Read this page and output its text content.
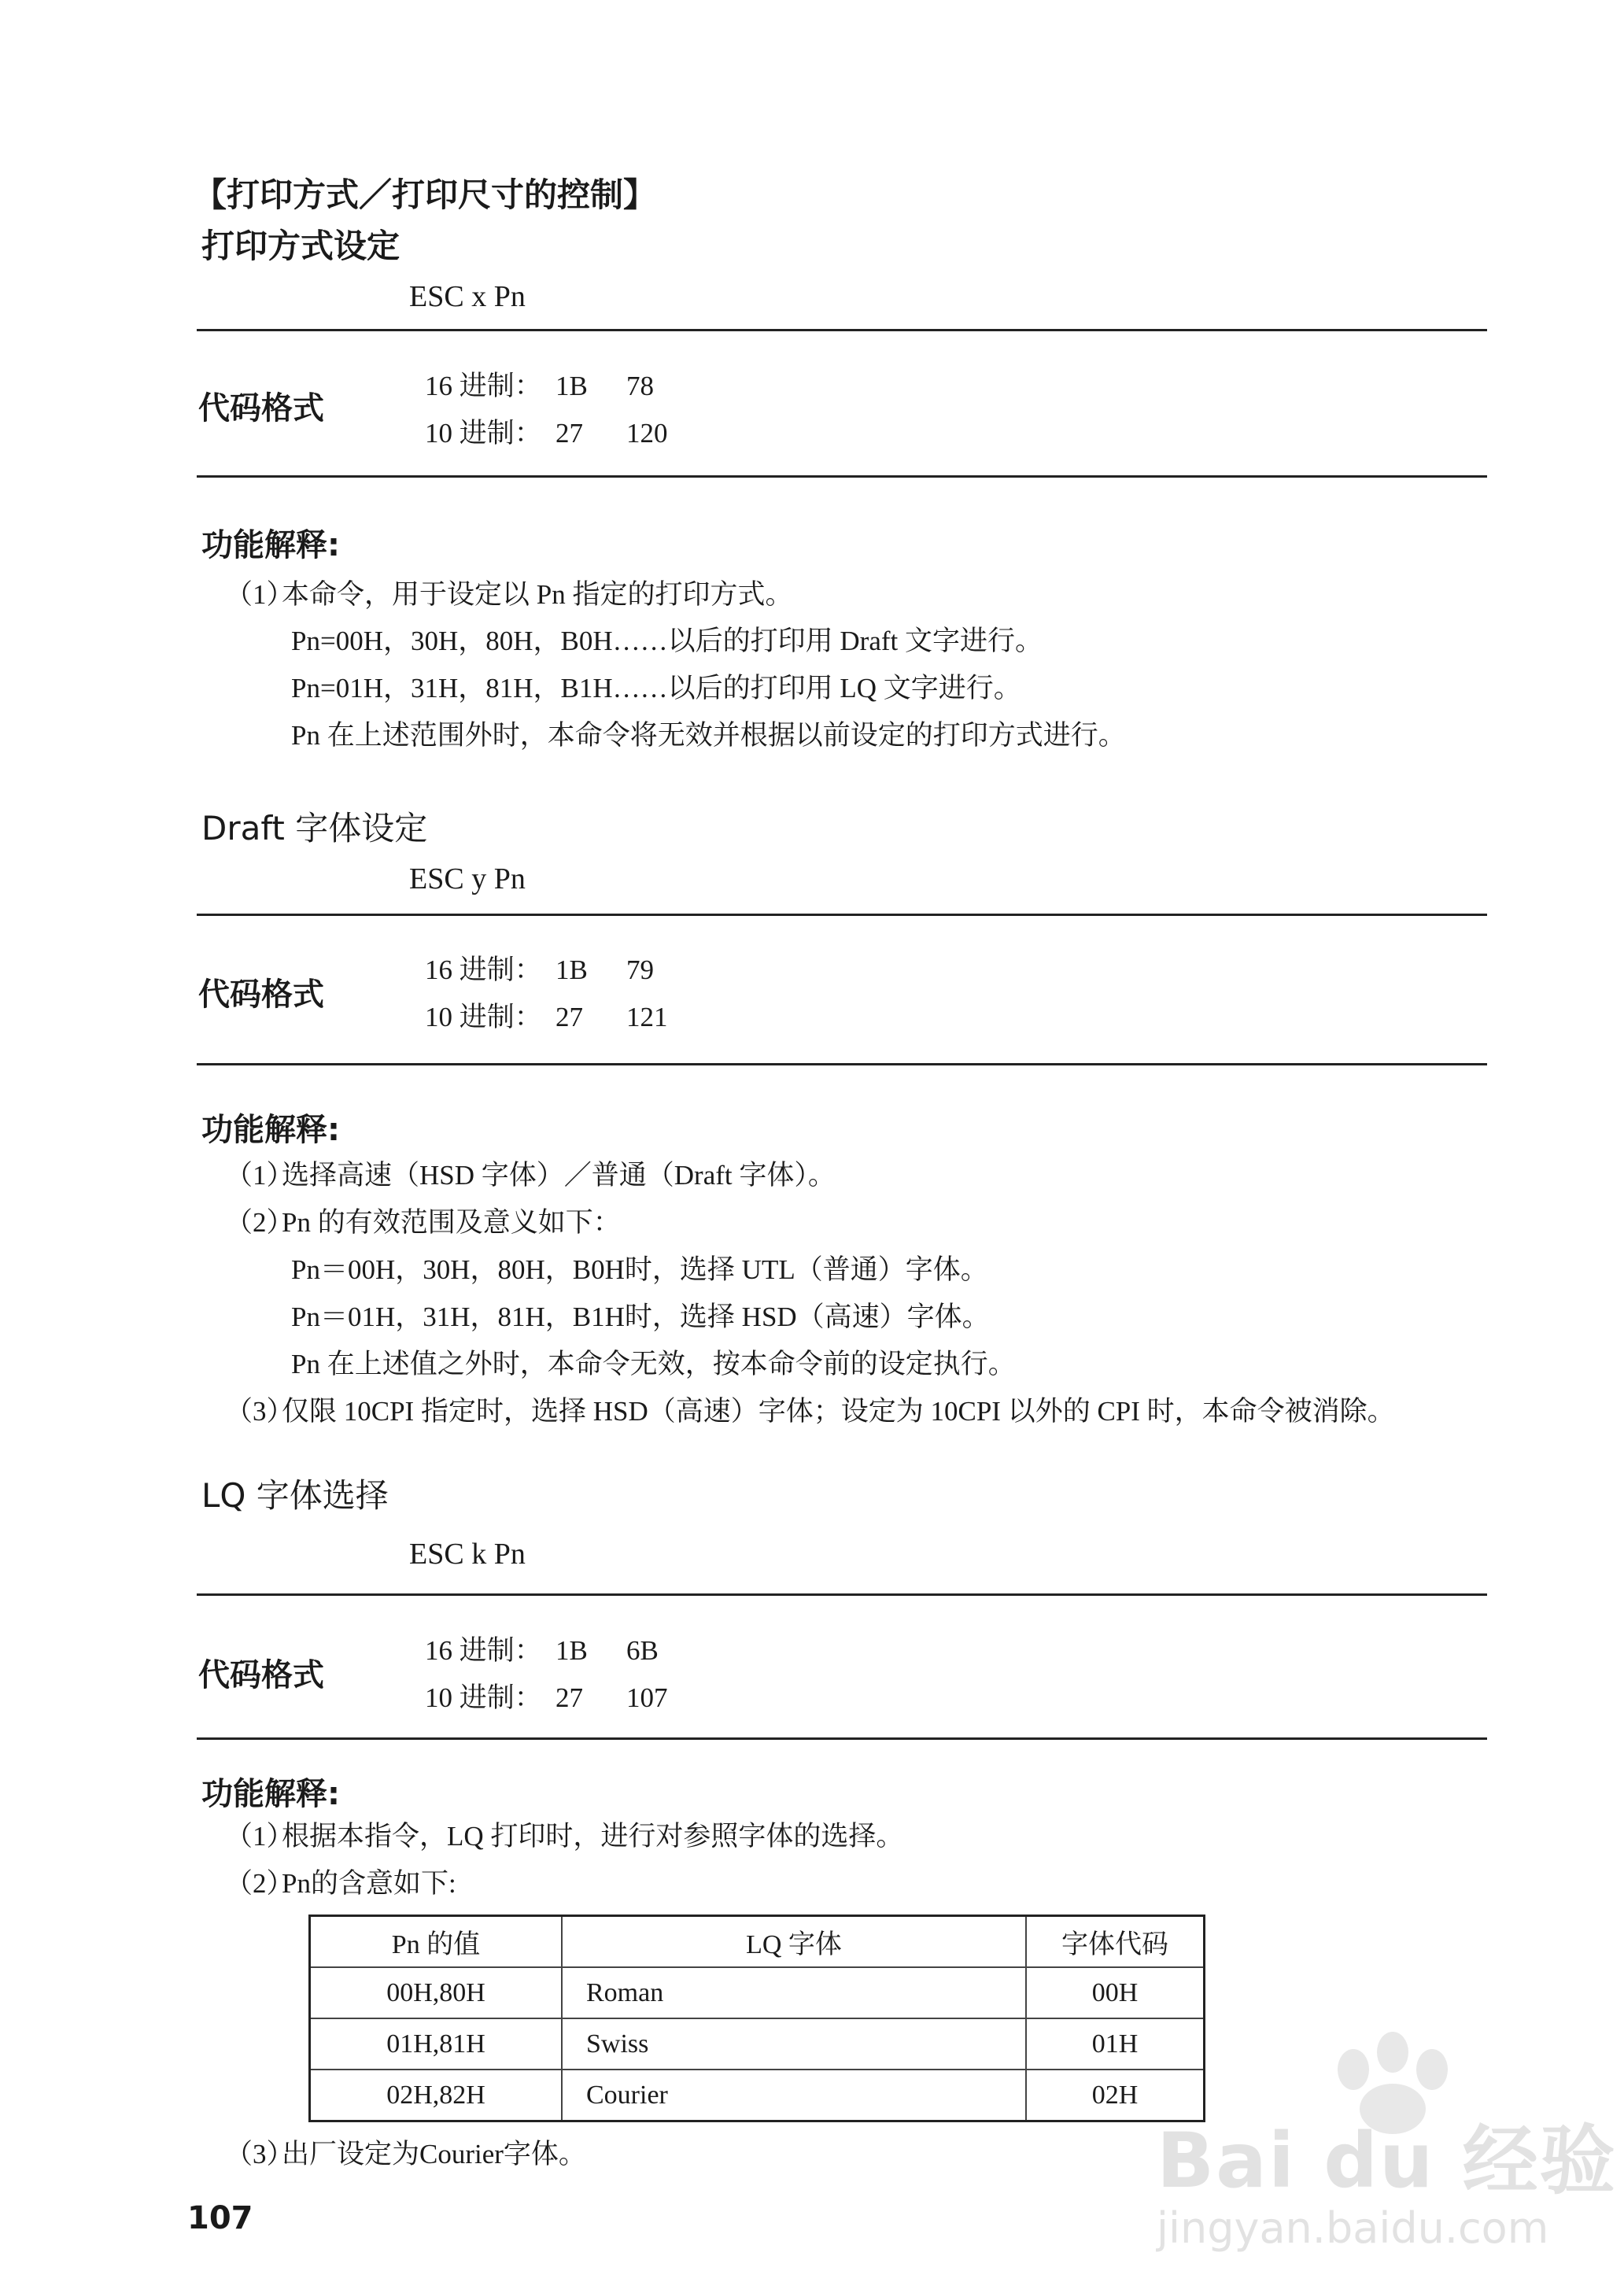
【打印方式／打印尺寸的控制】
打印方式设定
ESC x Pn
代码格式
16 进制： 1B 78
10 进制： 27 120
功能解释:
（1）本命令，用于设定以 Pn 指定的打印方式。
Pn=00H，30H，80H，B0H……以后的打印用 Draft 文字进行。
Pn=01H，31H，81H，B1H……以后的打印用 LQ 文字进行。
Pn 在上述范围外时，本命令将无效并根据以前设定的打印方式进行。
Draft 字体设定
ESC y Pn
代码格式
16 进制： 1B 79
10 进制： 27 121
功能解释:
（1）选择高速（HSD 字体）／普通（Draft 字体）。
（2）Pn 的有效范围及意义如下：
Pn＝00H，30H，80H，B0H时，选择 UTL（普通）字体。
Pn＝01H，31H，81H，B1H时，选择 HSD（高速）字体。
Pn 在上述值之外时，本命令无效，按本命令前的设定执行。
（3）仅限 10CPI 指定时，选择 HSD（高速）字体；设定为 10CPI 以外的 CPI 时，本命令被消除。
LQ 字体选择
ESC k Pn
代码格式
16 进制： 1B 6B
10 进制： 27 107
功能解释:
（1）根据本指令，LQ 打印时，进行对参照字体的选择。
（2）Pn的含意如下:
Pn 的值	LQ 字体	字体代码
00H,80H	Roman	00H
01H,81H	Swiss	01H
02H,82H	Courier	02H
（3）出厂设定为Courier字体。
107
Bai du 经验
jingyan.baidu.com
